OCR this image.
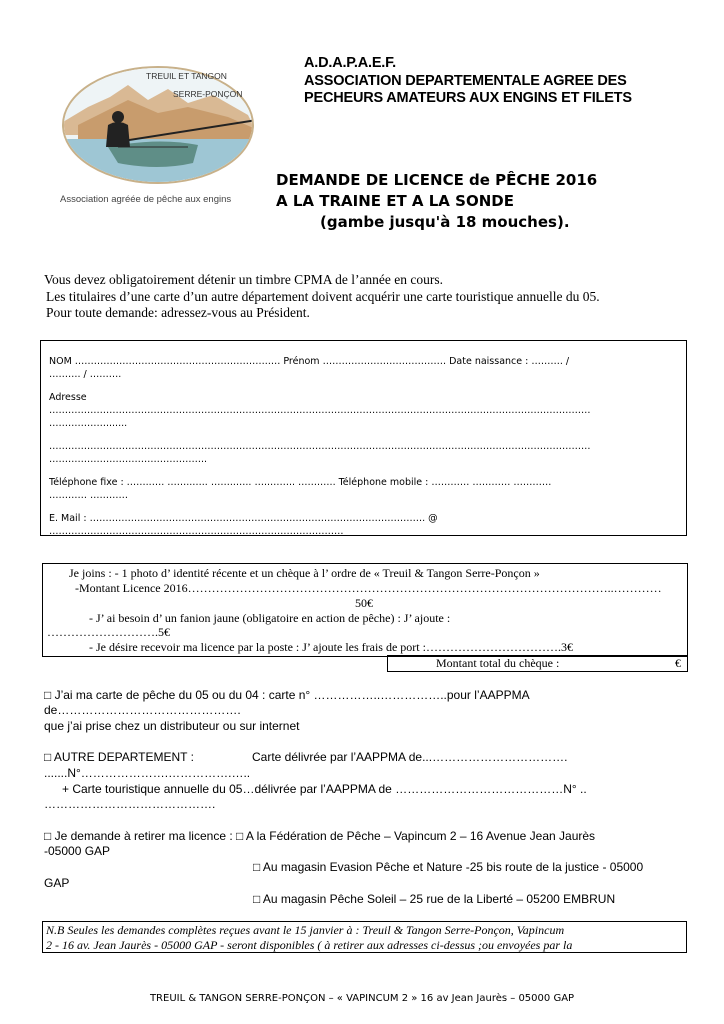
TREUIL ET TANGON
SERRE-PONÇON
Association agréée de pêche aux engins
A.D.A.P.A.E.F.
ASSOCIATION DEPARTEMENTALE AGREE DES
PECHEURS AMATEURS AUX ENGINS ET FILETS
DEMANDE DE LICENCE de PÊCHE 2016
A LA TRAINE ET A LA SONDE
(gambe jusqu'à 18 mouches).
Vous devez obligatoirement détenir un timbre CPMA de l’année en cours.
Les titulaires d’une carte d’un autre département doivent acquérir une carte touristique annuelle du 05.
Pour toute demande: adressez-vous au Président.
NOM ……………………………………………………..… Prénom ………………………………… Date naissance : ………. /
………. / ……….
Adresse
………………………………………………………………………………………………………………………………………………………
……………….......
………………………………………………………………………………………………………………………………………………………
…………………………………………..
Téléphone fixe : ……..…. ……..….. ……..….. …..…….. …….….. Téléphone mobile : ………… ………… …………
………… …………
E. Mail : ……………………………………………………………………………………………. @
…………………………………………………………………………………
Je joins : - 1 photo d’ identité récente et un chèque à l’ ordre de « Treuil & Tangon Serre-Ponçon »
-Montant Licence 2016……………………………………………………………………………………………..…………
50€
- J’ ai besoin d’ un fanion jaune (obligatoire en action de pêche) : J’ ajoute :
……………………….5€
- Je désire recevoir ma licence par la poste : J’ ajoute les frais de port :…………………………….3€
Montant total du chèque :	€
□ J’ai ma carte de pêche du 05 ou du 04 : carte n° ……………..……………..pour l’AAPPMA
de……………………………………….
que j’ai prise chez un distributeur ou sur internet
□ AUTRE DEPARTEMENT :	Carte délivrée par l’AAPPMA de...…………………………….
.......N°………………….…………….…..
+ Carte touristique annuelle du 05…délivrée par l’AAPPMA de ……………………………………N° ..
…………………………………….
□ Je demande à retirer ma licence : □ A la Fédération de Pêche – Vapincum 2 – 16 Avenue Jean Jaurès
-05000 GAP
□ Au magasin Evasion Pêche et Nature -25 bis route de la justice - 05000
GAP
□ Au magasin Pêche Soleil – 25 rue de la Liberté – 05200 EMBRUN
N.B Seules les demandes complètes reçues avant le 15 janvier à : Treuil & Tangon Serre-Ponçon, Vapincum
2 - 16 av. Jean Jaurès - 05000 GAP - seront disponibles ( à retirer aux adresses ci-dessus ;ou envoyées par la
TREUIL & TANGON SERRE-PONÇON – « VAPINCUM 2 » 16 av Jean Jaurès – 05000 GAP
